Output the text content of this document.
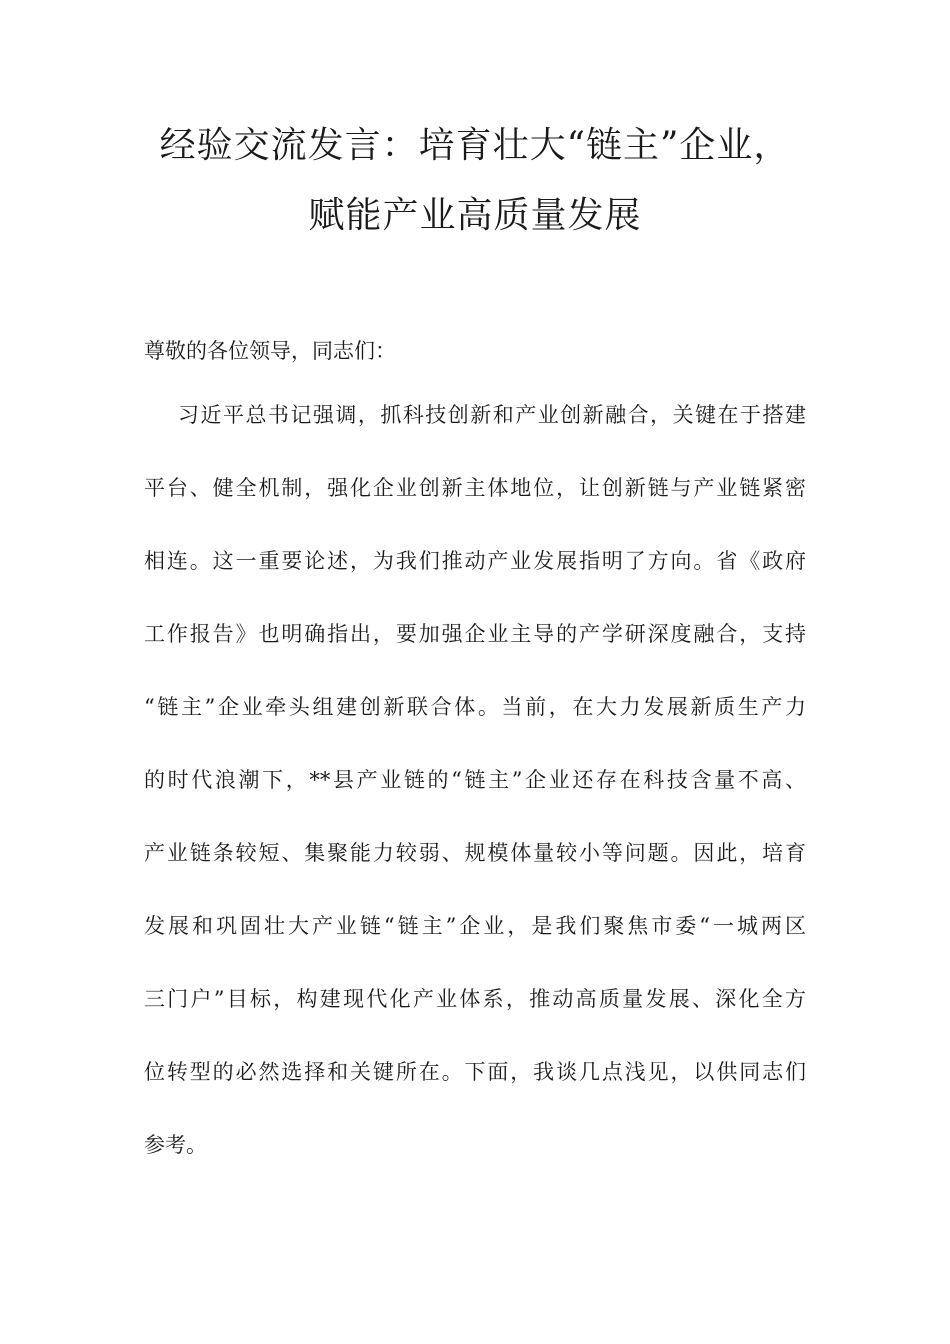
经验交流发言：培育壮大“链主”企业，
赋能产业高质量发展
尊敬的各位领导，同志们：
习近平总书记强调，抓科技创新和产业创新融合，关键在于搭建
平台、健全机制，强化企业创新主体地位，让创新链与产业链紧密
相连。这一重要论述，为我们推动产业发展指明了方向。省《政府
工作报告》也明确指出，要加强企业主导的产学研深度融合，支持
“链主”企业牵头组建创新联合体。当前，在大力发展新质生产力
的时代浪潮下，**县产业链的“链主”企业还存在科技含量不高、
产业链条较短、集聚能力较弱、规模体量较小等问题。因此，培育
发展和巩固壮大产业链“链主”企业，是我们聚焦市委“一城两区
三门户”目标，构建现代化产业体系，推动高质量发展、深化全方
位转型的必然选择和关键所在。下面，我谈几点浅见，以供同志们
参考。
